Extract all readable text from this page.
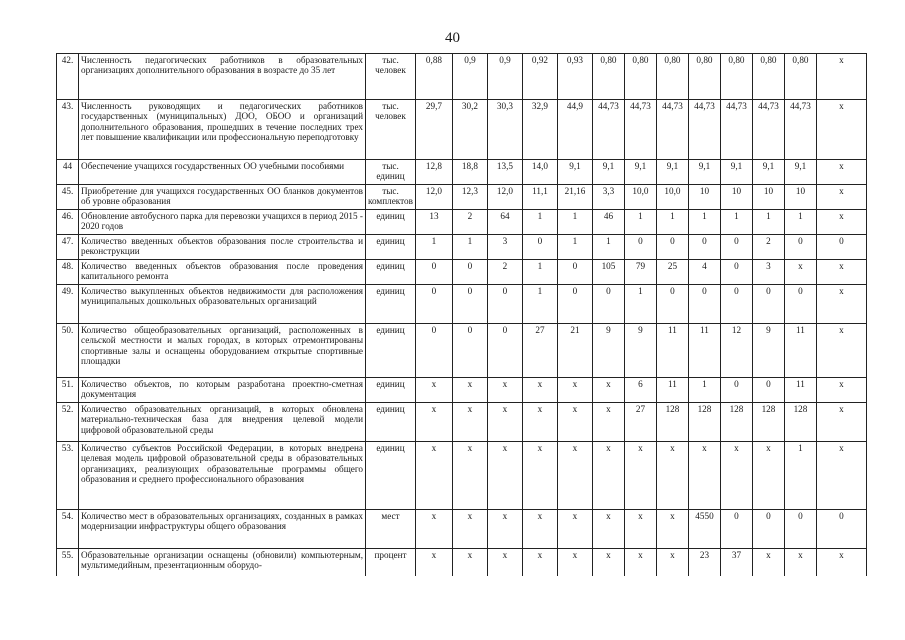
40
42.	Численность педагогических работников в образовательных организациях дополнительного образования в возрасте до 35 лет	тыс. человек	0,88	0,9	0,9	0,92	0,93	0,80	0,80	0,80	0,80	0,80	0,80	0,80	x
43.	Численность руководящих и педагогических работников государственных (муниципальных) ДОО, ОБОО и организаций дополнительного образования, прошедших в течение последних трех лет повышение квалификации или профессиональную переподготовку	тыс. человек	29,7	30,2	30,3	32,9	44,9	44,73	44,73	44,73	44,73	44,73	44,73	44,73	x
44	Обеспечение учащихся государственных ОО учебными пособиями	тыс. единиц	12,8	18,8	13,5	14,0	9,1	9,1	9,1	9,1	9,1	9,1	9,1	9,1	x
45.	Приобретение для учащихся государственных ОО бланков документов об уровне образования	тыс. комплектов	12,0	12,3	12,0	11,1	21,16	3,3	10,0	10,0	10	10	10	10	x
46.	Обновление автобусного парка для перевозки учащихся в период 2015 - 2020 годов	единиц	13	2	64	1	1	46	1	1	1	1	1	1	x
47.	Количество введенных объектов образования после строительства и реконструкции	единиц	1	1	3	0	1	1	0	0	0	0	2	0	0
48.	Количество введенных объектов образования после проведения капитального ремонта	единиц	0	0	2	1	0	105	79	25	4	0	3	x	x
49.	Количество выкупленных объектов недвижимости для расположения муниципальных дошкольных образовательных организаций	единиц	0	0	0	1	0	0	1	0	0	0	0	0	x
50.	Количество общеобразовательных организаций, расположенных в сельской местности и малых городах, в которых отремонтированы спортивные залы и оснащены оборудованием открытые спортивные площадки	единиц	0	0	0	27	21	9	9	11	11	12	9	11	x
51.	Количество объектов, по которым разработана проектно-сметная документация	единиц	x	x	x	x	x	x	6	11	1	0	0	11	x
52.	Количество образовательных организаций, в которых обновлена материально-техническая база для внедрения целевой модели цифровой образовательной среды	единиц	x	x	x	x	x	x	27	128	128	128	128	128	x
53.	Количество субъектов Российской Федерации, в которых внедрена целевая модель цифровой образовательной среды в образовательных организациях, реализующих образовательные программы общего образования и среднего профессионального образования	единиц	x	x	x	x	x	x	x	x	x	x	x	1	x
54.	Количество мест в образовательных организациях, созданных в рамках модернизации инфраструктуры общего образования	мест	x	x	x	x	x	x	x	x	4550	0	0	0	0
55.	Образовательные организации оснащены (обновили) компьютерным, мультимедийным, презентационным оборудо-	процент	x	x	x	x	x	x	x	x	23	37	x	x	x
